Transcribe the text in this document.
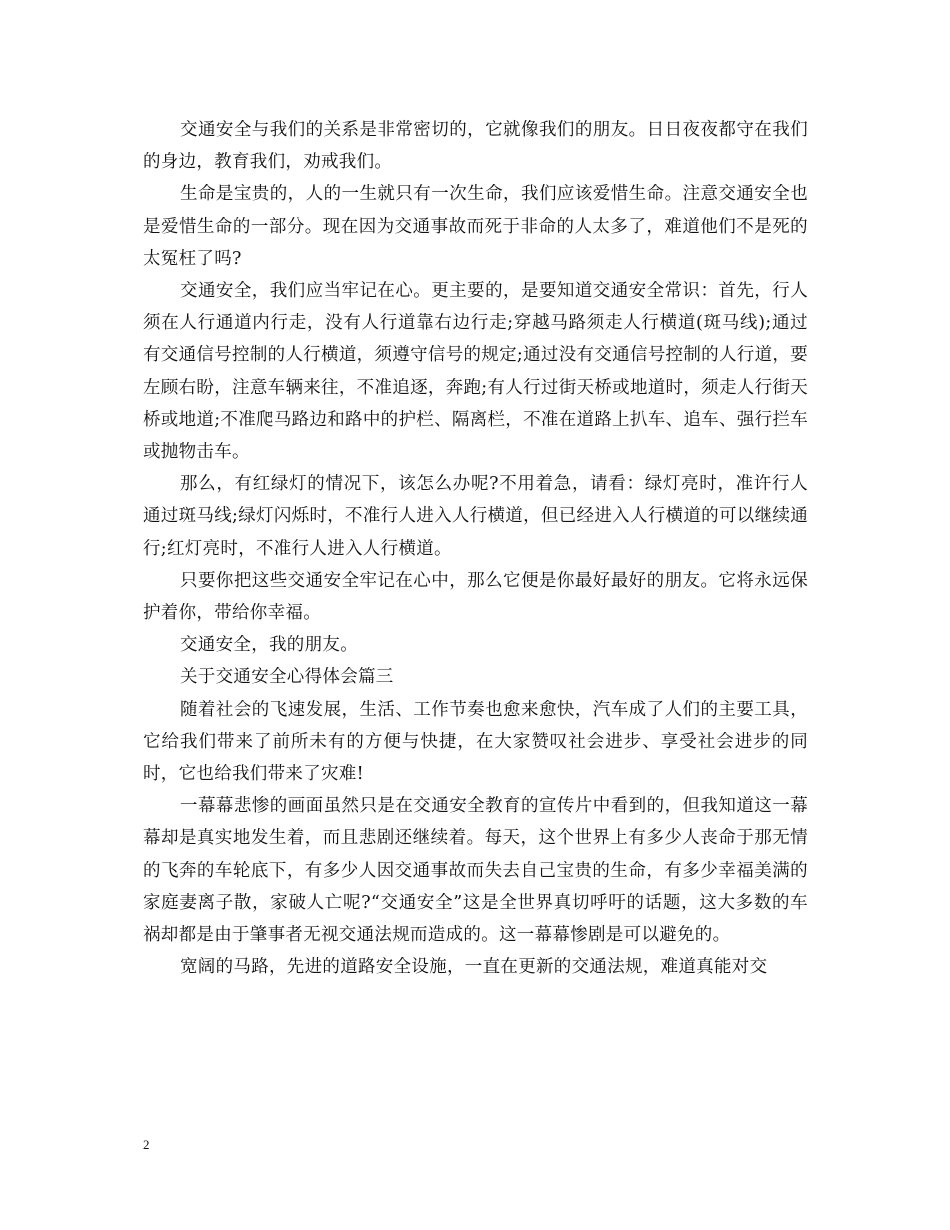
交通安全与我们的关系是非常密切的，它就像我们的朋友。日日夜夜都守在我们的身边，教育我们，劝戒我们。

生命是宝贵的，人的一生就只有一次生命，我们应该爱惜生命。注意交通安全也是爱惜生命的一部分。现在因为交通事故而死于非命的人太多了，难道他们不是死的太冤枉了吗?

交通安全，我们应当牢记在心。更主要的，是要知道交通安全常识：首先，行人须在人行通道内行走，没有人行道靠右边行走;穿越马路须走人行横道(斑马线);通过有交通信号控制的人行横道，须遵守信号的规定;通过没有交通信号控制的人行道，要左顾右盼，注意车辆来往，不准追逐，奔跑;有人行过街天桥或地道时，须走人行街天桥或地道;不准爬马路边和路中的护栏、隔离栏，不准在道路上扒车、追车、强行拦车或抛物击车。

那么，有红绿灯的情况下，该怎么办呢?不用着急，请看：绿灯亮时，准许行人通过斑马线;绿灯闪烁时，不准行人进入人行横道，但已经进入人行横道的可以继续通行;红灯亮时，不准行人进入人行横道。

只要你把这些交通安全牢记在心中，那么它便是你最好最好的朋友。它将永远保护着你，带给你幸福。

交通安全，我的朋友。

关于交通安全心得体会篇三

随着社会的飞速发展，生活、工作节奏也愈来愈快，汽车成了人们的主要工具，它给我们带来了前所未有的方便与快捷，在大家赞叹社会进步、享受社会进步的同时，它也给我们带来了灾难!

一幕幕悲惨的画面虽然只是在交通安全教育的宣传片中看到的，但我知道这一幕幕却是真实地发生着，而且悲剧还继续着。每天，这个世界上有多少人丧命于那无情的飞奔的车轮底下，有多少人因交通事故而失去自己宝贵的生命，有多少幸福美满的家庭妻离子散，家破人亡呢?“交通安全”这是全世界真切呼吁的话题，这大多数的车祸却都是由于肇事者无视交通法规而造成的。这一幕幕惨剧是可以避免的。

宽阔的马路，先进的道路安全设施，一直在更新的交通法规，难道真能对交

2
